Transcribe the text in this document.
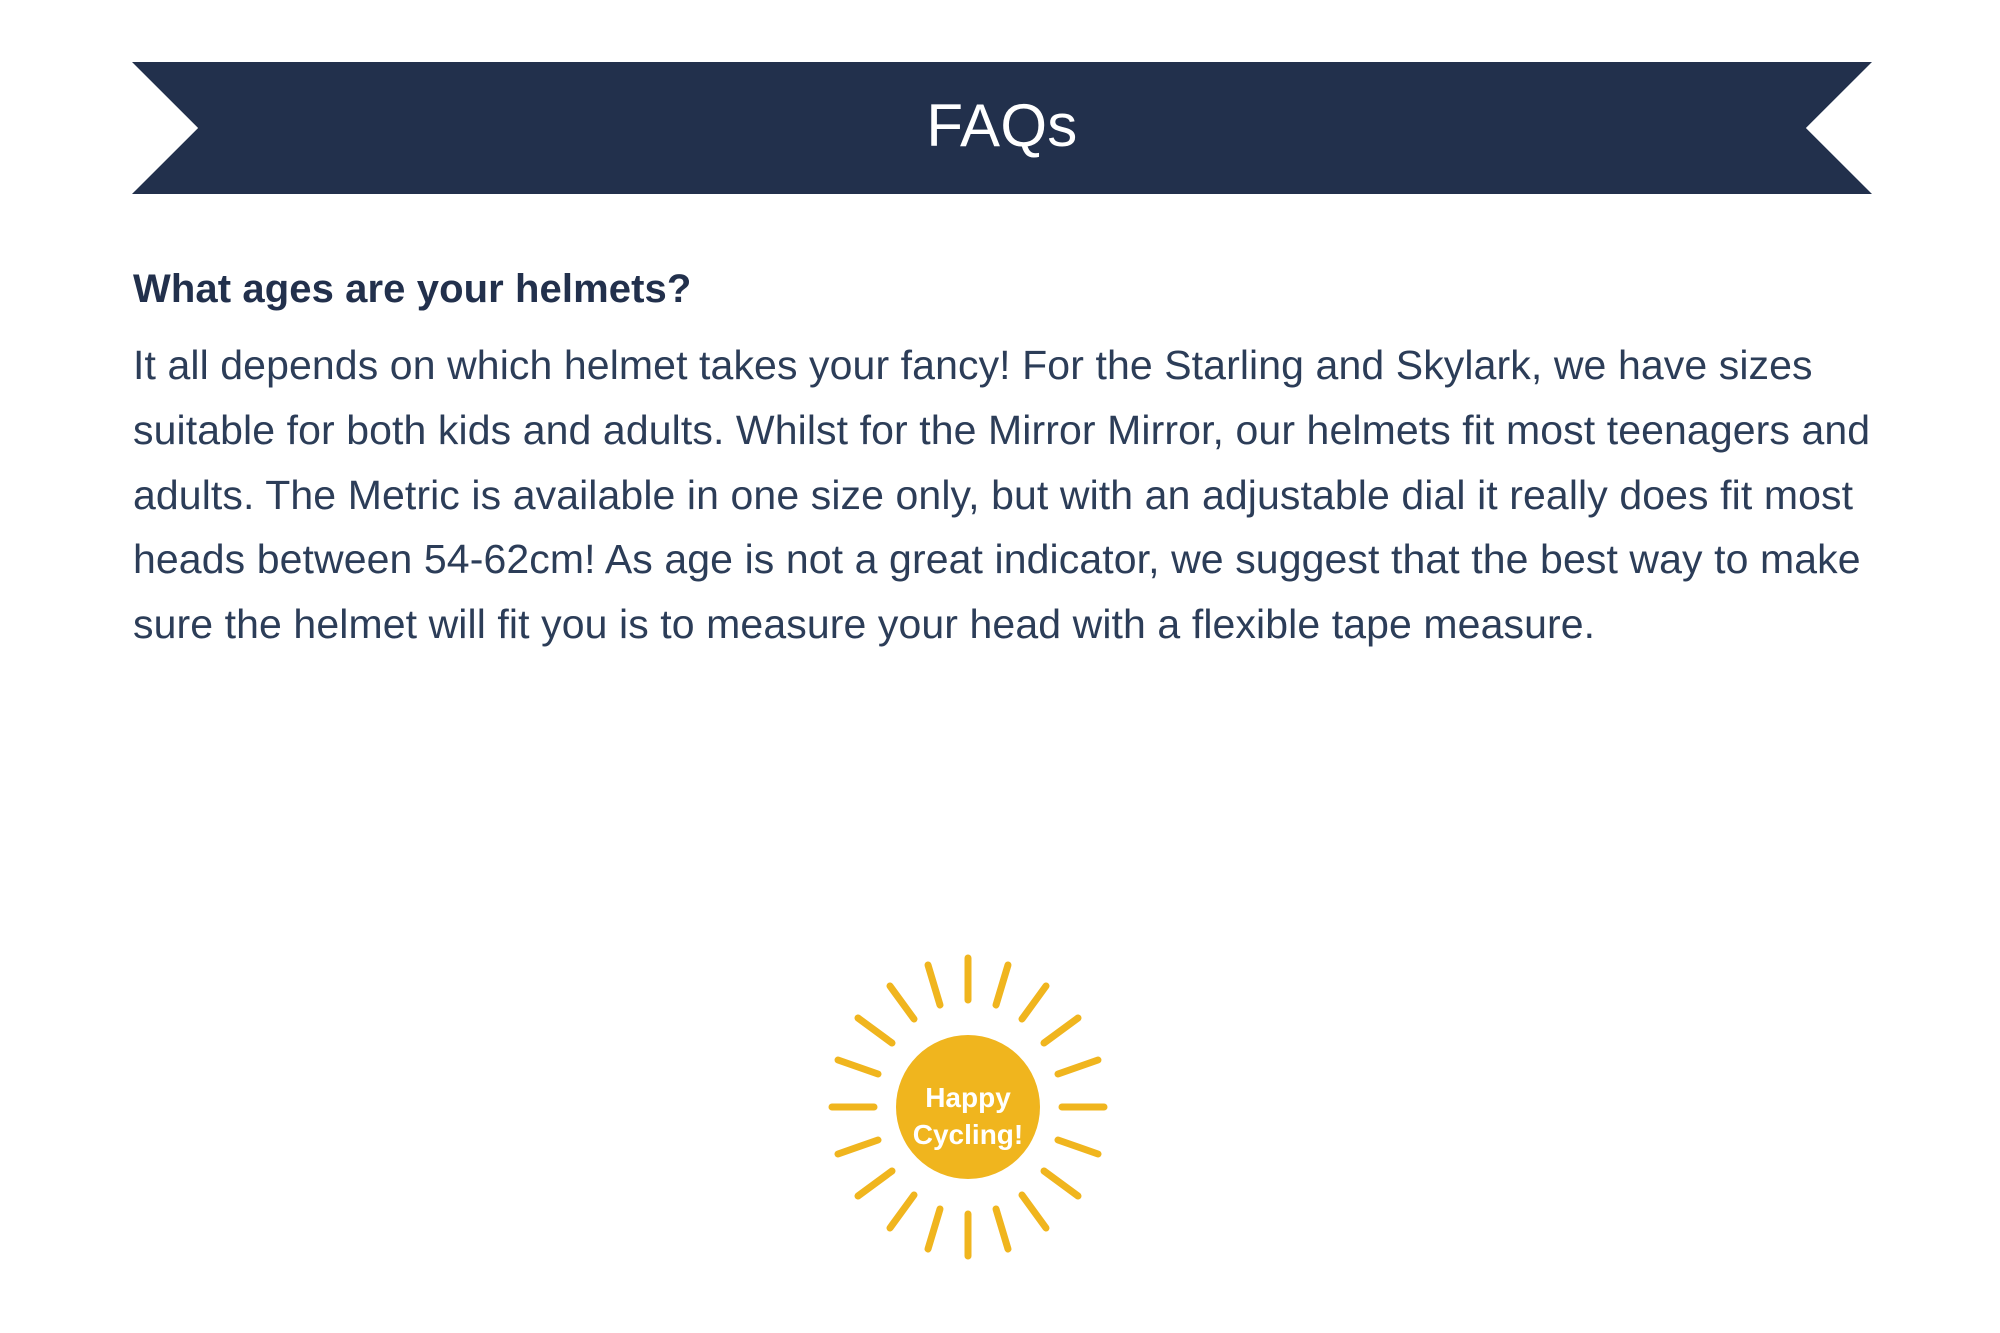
FAQs
What ages are your helmets?

It all depends on which helmet takes your fancy! For the Starling and Skylark, we have sizes suitable for both kids and adults. Whilst for the Mirror Mirror, our helmets fit most teenagers and adults. The Metric is available in one size only, but with an adjustable dial it really does fit most heads between 54-62cm! As age is not a great indicator, we suggest that the best way to make sure the helmet will fit you is to measure your head with a flexible tape measure.

Happy
Cycling!
